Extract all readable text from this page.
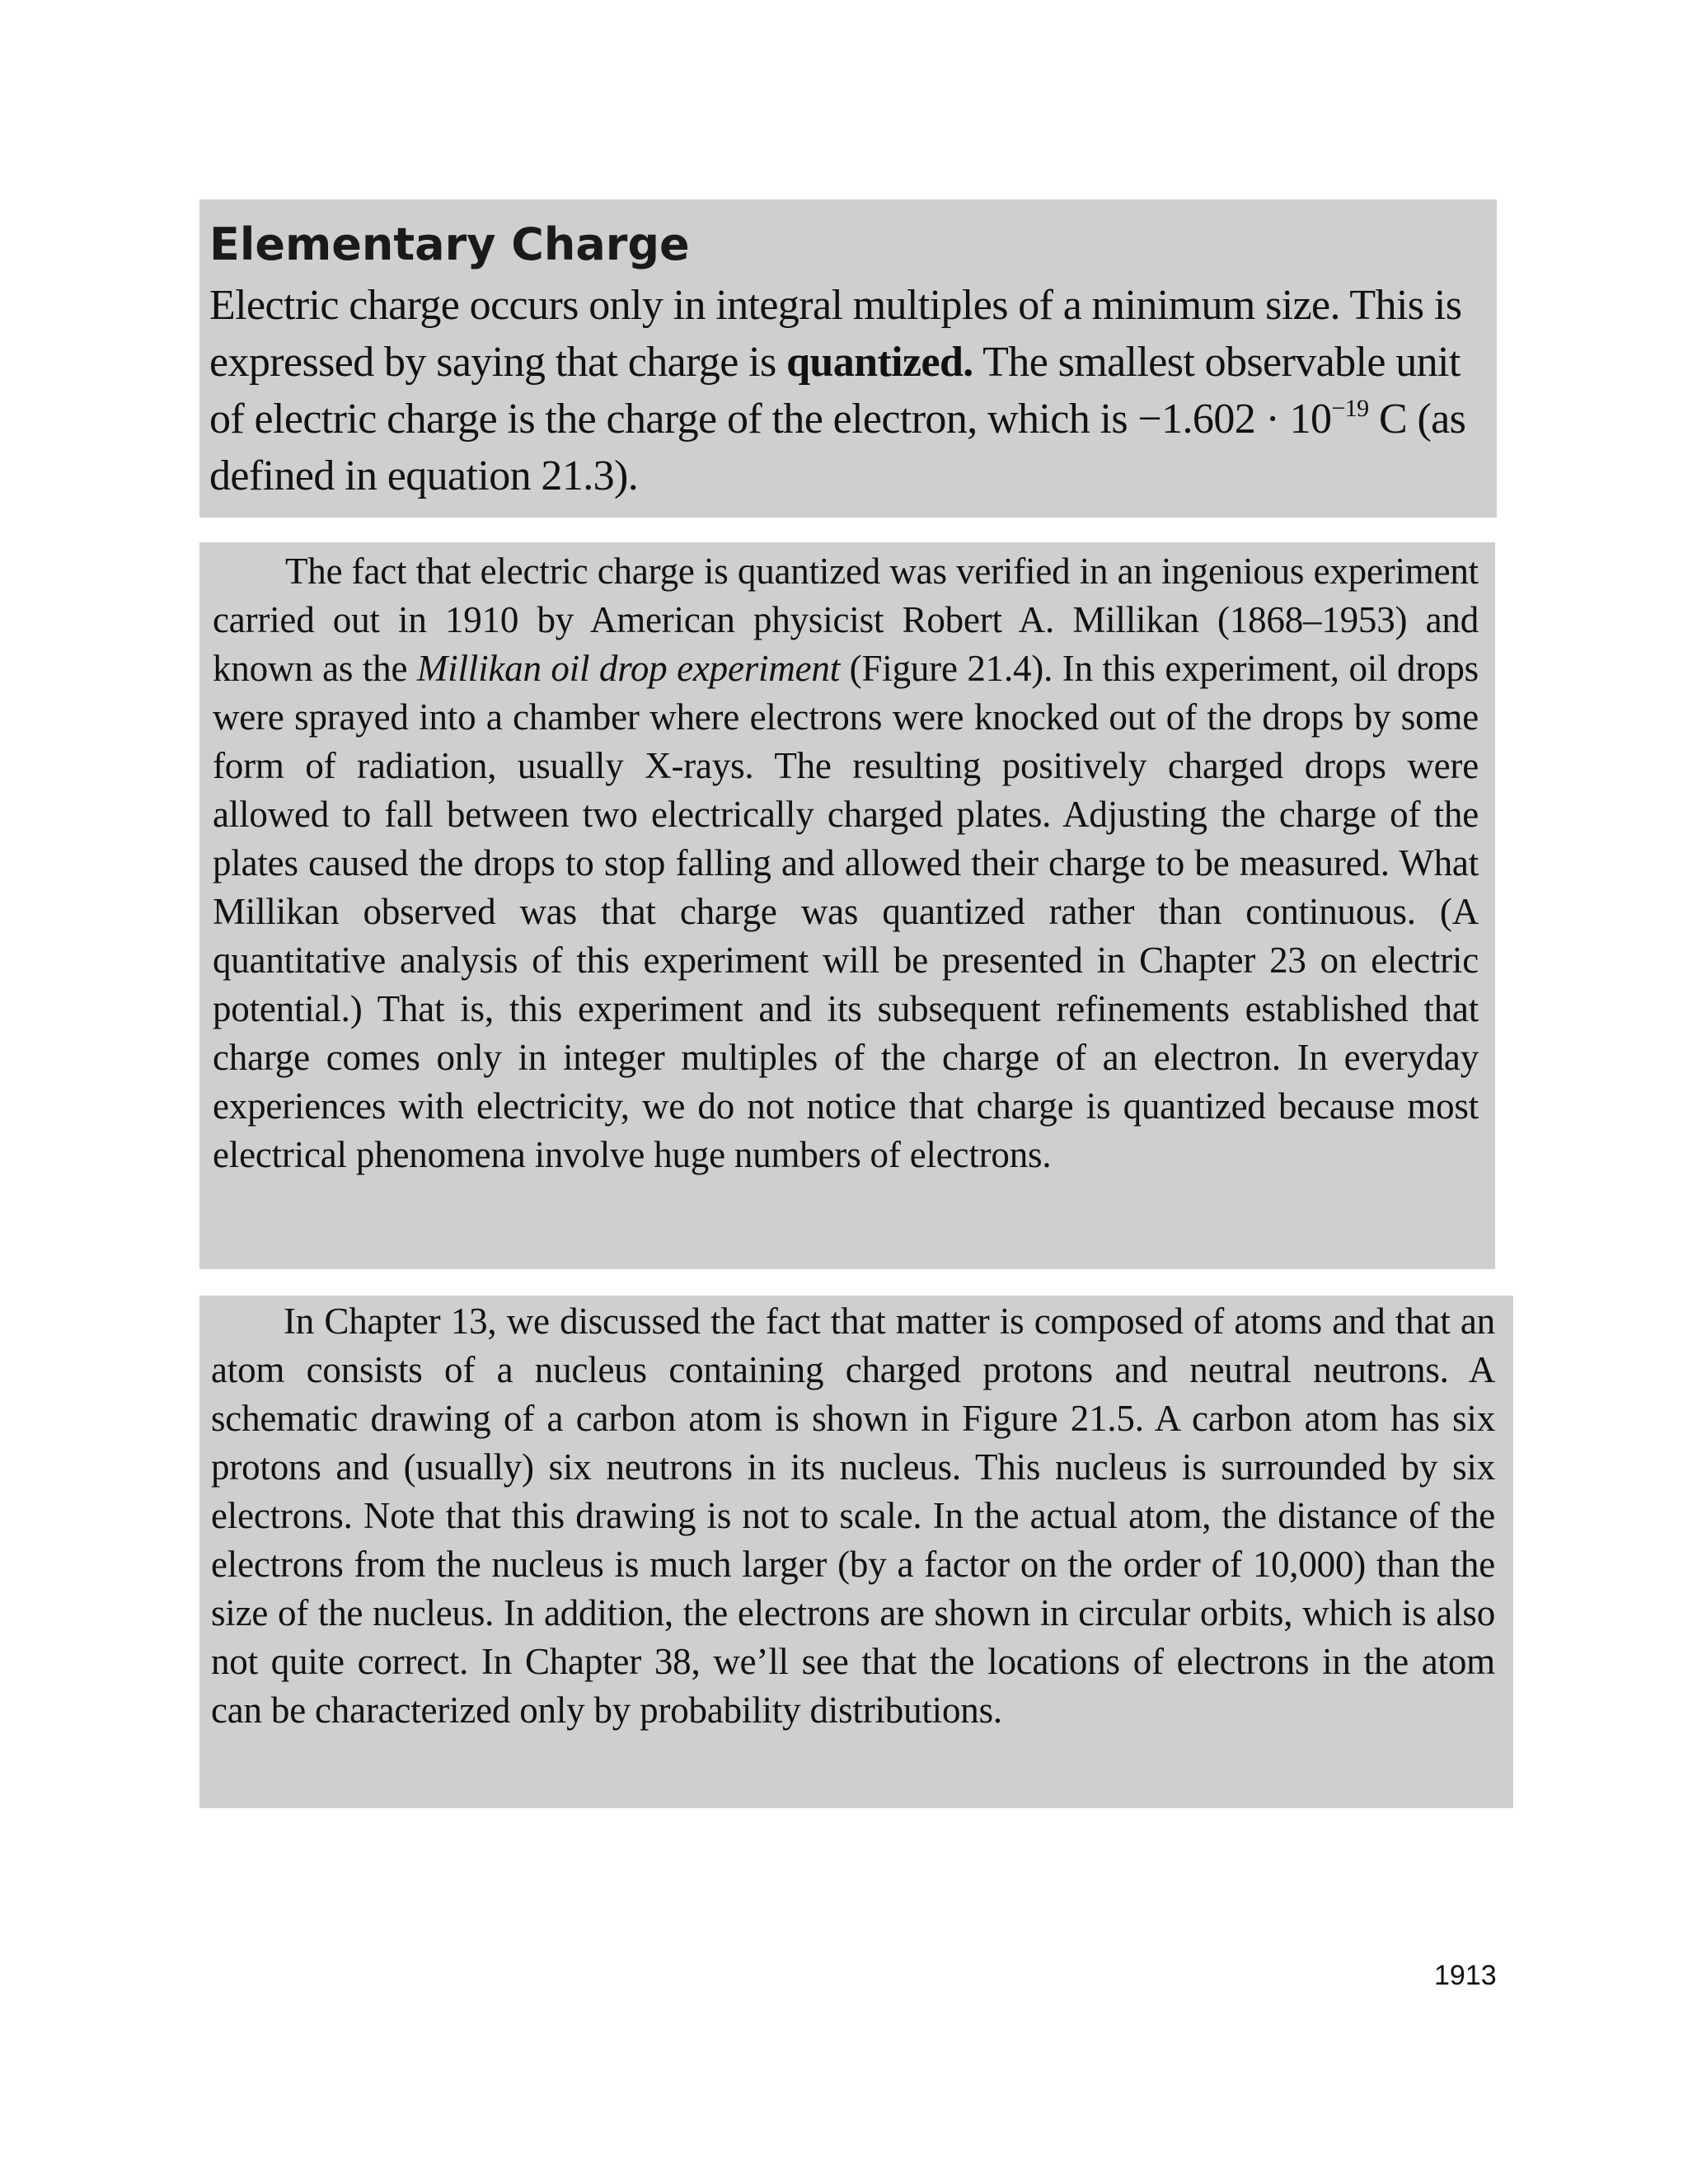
Elementary Charge

Electric charge occurs only in integral multiples of a minimum size. This is expressed by saying that charge is quantized. The smallest observable unit of electric charge is the charge of the electron, which is $-1.602 \cdot 10^{-19}$ C (as defined in equation 21.3).

The fact that electric charge is quantized was verified in an ingenious experiment carried out in 1910 by American physicist Robert A. Millikan (1868–1953) and known as the Millikan oil drop experiment (Figure 21.4). In this experiment, oil drops were sprayed into a chamber where electrons were knocked out of the drops by some form of radiation, usually X-rays. The resulting positively charged drops were allowed to fall between two electrically charged plates. Adjusting the charge of the plates caused the drops to stop falling and allowed their charge to be measured. What Millikan observed was that charge was quantized rather than continuous. (A quantitative analysis of this experiment will be presented in Chapter 23 on electric potential.) That is, this experiment and its subsequent refinements established that charge comes only in integer multiples of the charge of an electron. In everyday experiences with electricity, we do not notice that charge is quantized because most electrical phenomena involve huge numbers of electrons.

In Chapter 13, we discussed the fact that matter is composed of atoms and that an atom consists of a nucleus containing charged protons and neutral neutrons. A schematic drawing of a carbon atom is shown in Figure 21.5. A carbon atom has six protons and (usually) six neutrons in its nucleus. This nucleus is surrounded by six electrons. Note that this drawing is not to scale. In the actual atom, the distance of the electrons from the nucleus is much larger (by a factor on the order of 10,000) than the size of the nucleus. In addition, the electrons are shown in circular orbits, which is also not quite correct. In Chapter 38, we’ll see that the locations of electrons in the atom can be characterized only by probability distributions.

1913
